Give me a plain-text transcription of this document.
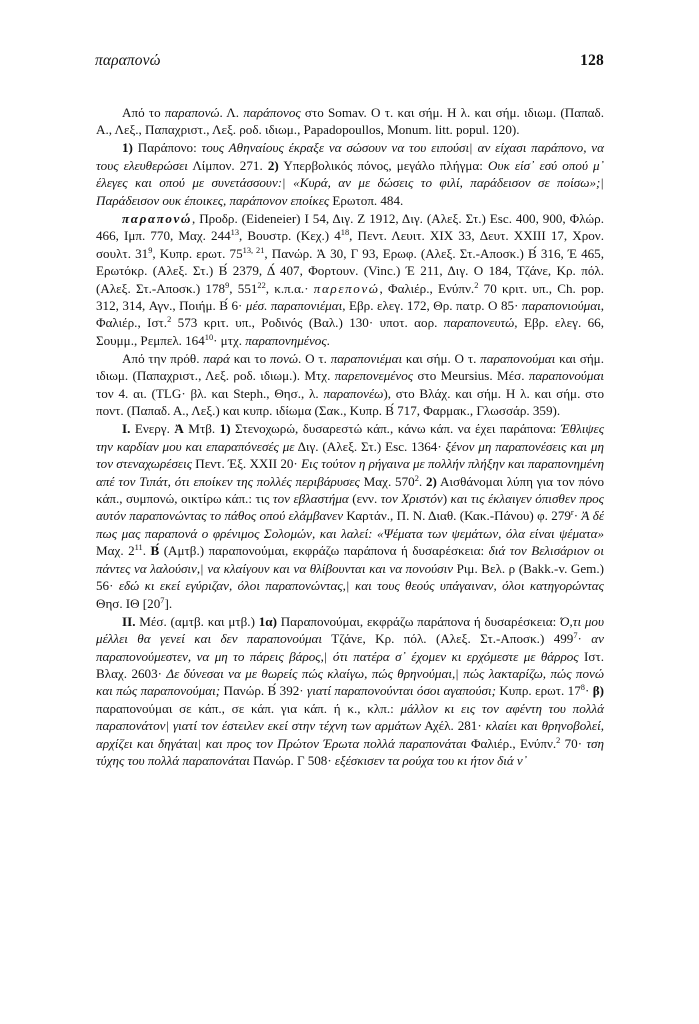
παραπονώ	128

Από το παραπονώ. Λ. παράπονος στο Somav. Ο τ. και σήμ. Η λ. και σήμ. ιδιωμ. (Παπαδ. Α., Λεξ., Παπαχριστ., Λεξ. ροδ. ιδιωμ., Papadopoullos, Monum. litt. popul. 120).

1) Παράπονο: τους Αθηναίους έκραξε να σώσουν να του ειπούσι| αν είχασι παράπονο, να τους ελευθερώσει Λίμπον. 271. 2) Υπερβολικός πόνος, μεγάλο πλήγμα: Ουκ είσ᾽ εσύ οπού μ᾽ έλεγες και οπού με συνετάσσουν:| «Κυρά, αν με δώσεις το φιλί, παράδεισον σε ποίσω»;| Παράδεισον ουκ έποικες, παράπονον εποίκες Ερωτοπ. 484.

παραπονώ, Προδρ. (Eideneier) Ι 54, Διγ. Ζ 1912, Διγ. (Αλεξ. Στ.) Esc. 400, 900, Φλώρ. 466, Ιμπ. 770, Μαχ. $244^{13}$, Βουστρ. (Κεχ.) $4^{18}$, Πεντ. Λευιτ. XIX 33, Δευτ. XXIII 17, Χρον. σουλτ. $31^9$, Κυπρ. ερωτ. 75$^{13, 21}$, Πανώρ. Ἀ 30, Γ 93, Ερωφ. (Αλεξ. Στ.-Αποσκ.) Β́ 316, Έ 465, Ερωτόκρ. (Αλεξ. Στ.) Β́ 2379, Δ́ 407, Φορτουν. (Vinc.) Έ 211, Διγ. Ο 184, Τζάνε, Κρ. πόλ. (Αλεξ. Στ.-Αποσκ.) $178^9$, $551^{22}$, κ.π.α.· παρεπονώ, Φαλιέρ., Ενύπν.$^2$ 70 κριτ. υπ., Ch. pop. 312, 314, Αγν., Ποιήμ. Β́ 6· μέσ. παραπονιέμαι, Εβρ. ελεγ. 172, Θρ. πατρ. Ο 85· παραπονιούμαι, Φαλιέρ., Ιστ.$^2$ 573 κριτ. υπ., Ροδινός (Βαλ.) 130· υποτ. αορ. παραπονευτώ, Εβρ. ελεγ. 66, Σουμμ., Ρεμπελ. $164^{10}\cdot \mu\tau\chi$. παραπονημένος.

Από την πρόθ. παρά και το πονώ. Ο τ. παραπονιέμαι και σήμ. Ο τ. παραπονούμαι και σήμ. ιδιωμ. (Παπαχριστ., Λεξ. ροδ. ιδιωμ.). Μτχ. παρεπονεμένος στο Meursius. Μέσ. παραπονούμαι τον 4. αι. (TLG· βλ. και Steph., Θησ., λ. παραπονέω), στο Βλάχ. και σήμ. Η λ. και σήμ. στο ποντ. (Παπαδ. Α., Λεξ.) και κυπρ. ιδίωμα (Σακ., Κυπρ. Β́ 717, Φαρμακ., Γλωσσάρ. 359).

Ι. Ενεργ. Ἀ Μτβ. 1) Στενοχωρώ, δυσαρεστώ κάπ., κάνω κάπ. να έχει παράπονα: Έθλιψες την καρδίαν μου και επαραπόνεσές με Διγ. (Αλεξ. Στ.) Esc. 1364· ξένον μη παραπονέσεις και μη τον στεναχωρέσεις Πεντ. Έξ. XXII 20· Εις τούτον η ρήγαινα με πολλήν πλήξην και παραπονημένη απέ τον Τιπάτ, ότι εποίκεν της πολλές περιβάρυσες Μαχ. $570^2$. 2) Αισθάνομαι λύπη για τον πόνο κάπ., συμπονώ, οικτίρω κάπ.: τις τον εβλαστήμα (ενν. τον Χριστόν) και τις έκλαιγεν όπισθεν προς αυτόν παραπονώντας το πάθος οπού ελάμβανεν Καρτάν., Π. Ν. Διαθ. (Κακ.-Πάνου) φ. $279^r\cdot$ Ἀ δέ πως μας παραπονά ο φρένιμος Σολομών, και λαλεί: «Ψέματα των ψεμάτων, όλα είναι ψέματα» Μαχ. $2^{11}$. Β́ (Αμτβ.) παραπονούμαι, εκφράζω παράπονα ή δυσαρέσκεια: διά τον Βελισάριον οι πάντες να λαλούσιν,| να κλαίγουν και να θλίβουνται και να πονούσιν Ριμ. Βελ. ρ (Bakk.-v. Gem.) 56· εδώ κι εκεί εγύριζαν, όλοι παραπονώντας,| και τους θεούς υπάγαιναν, όλοι κατηγορώντας Θησ. ΙΘ $[20^7]$.

ΙΙ. Μέσ. (αμτβ. και μτβ.) 1α) Παραπονούμαι, εκφράζω παράπονα ή δυσαρέσκεια: Ό,τι μου μέλλει θα γενεί και δεν παραπονούμαι Τζάνε, Κρ. πόλ. (Αλεξ. Στ.-Αποσκ.) $499^7\cdot \alpha\nu$ παραπονούμεστεν, να μη το πάρεις βάρος,| ότι πατέρα σ᾽ έχομεν κι ερχόμεστε με θάρρος Ιστ. Βλαχ. 2603· Δε δύνεσαι να με θωρείς πώς κλαίγω, πώς θρηνούμαι,| πώς λακταρίζω, πώς πονώ και πώς παραπονούμαι; Πανώρ. Β́ 392· γιατί παραπονούνται όσοι αγαπούσι; Κυπρ. ερωτ. $17^8\cdot \beta$) παραπονούμαι σε κάπ., σε κάπ. για κάπ. ή κ., κλπ.: μάλλον κι εις τον αφέντη του πολλά παραπονάτον| γιατί τον έστειλεν εκεί στην τέχνη των αρμάτων Αχέλ. 281· κλαίει και θρηνοβολεί, αρχίζει και δηγάται| και προς τον Πρώτον Έρωτα πολλά παραπονάται Φαλιέρ., Ενύπν.$^2$ 70· τση τύχης του πολλά παραπονάται Πανώρ. Γ 508· εξέσκισεν τα ρούχα του κι ήτον διά ν᾽
